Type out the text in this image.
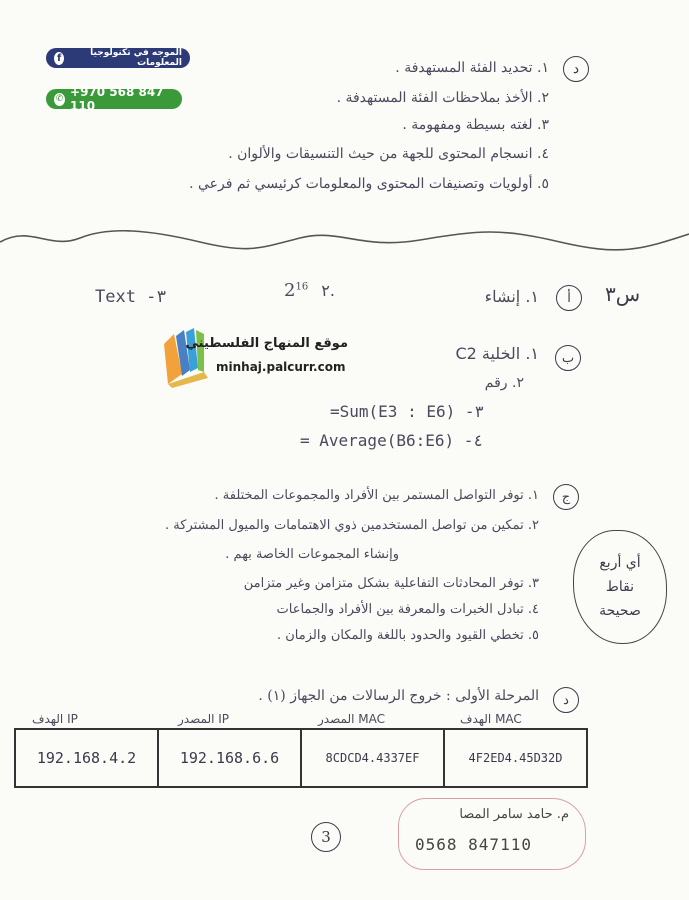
f	الموجه في تكنولوجيا المعلومات
✆ +970 568 847 110
د
١. تحديد الفئة المستهدفة .
٢. الأخذ بملاحظات الفئة المستهدفة .
٣. لغته بسيطة ومفهومة .
٤. انسجام المحتوى للجهة من حيث التنسيقات والألوان .
٥. أولويات وتصنيفات المحتوى والمعلومات كرئيسي ثم فرعي .
س٣
أ
١. إنشاء
$2^{16}$ ٢.
Text -٣
موقع المنهاج الفلسطيني
minhaj.palcurr.com
ب
١. الخلية C2
٢. رقم
=Sum(E3 : E6) -٣
= Average(B6:E6) -٤
ج
١. توفر التواصل المستمر بين الأفراد والمجموعات المختلفة .
٢. تمكين من تواصل المستخدمين ذوي الاهتمامات والميول المشتركة .
وإنشاء المجموعات الخاصة بهم .
٣. توفر المحادثات التفاعلية بشكل متزامن وغير متزامن
٤. تبادل الخبرات والمعرفة بين الأفراد والجماعات
٥. تخطي القيود والحدود باللغة والمكان والزمان .
أي أربع نقاط صحيحة
د
المرحلة الأولى : خروج الرسالات من الجهاز (١) .
الهدف MAC
المصدر MAC
المصدر IP
الهدف IP
4F2ED4.45D32D
8CDCD4.4337EF
192.168.6.6
192.168.4.2
م. حامد سامر المصا
0568 847110
3
